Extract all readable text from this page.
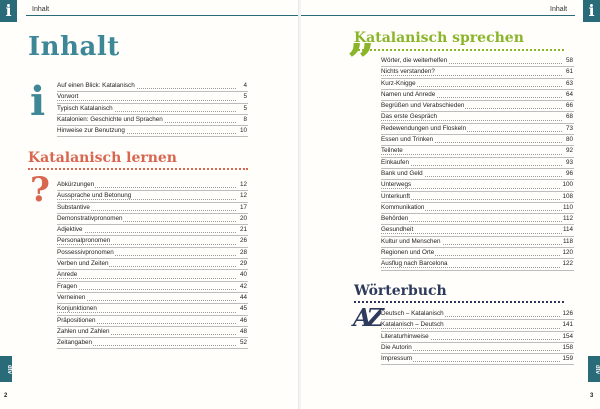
i	Inhalt
Inhalt
i Auf einen Blick: Katalanisch	4
Vorwort	5
Typisch Katalanisch	5
Katalonien: Geschichte und Sprachen	8
Hinweise zur Benutzung	10
Katalanisch lernen
? Abkürzungen	12
Aussprache und Betonung	12
Substantive	17
Demonstrativpronomen	20
Adjektive	21
Personalpronomen	26
Possessivpronomen	28
Verben und Zeiten	29
Anrede	40
Fragen	42
Verneinen	44
Konjunktionen	45
Präpositionen	46
Zahlen und Zahlen	48
Zeitangaben	52
dtv
2
Inhalt	i
Katalanisch sprechen
” Wörter, die weiterhelfen	58
Nichts verstanden?	61
Kurz-Knigge	63
Namen und Anrede	64
Begrüßen und Verabschieden	66
Das erste Gespräch	68
Redewendungen und Floskeln	73
Essen und Trinken	80
Teilnete	92
Einkaufen	93
Bank und Geld	96
Unterwegs	100
Unterkunft	108
Kommunikation	110
Behörden	112
Gesundheit	114
Kultur und Menschen	118
Regionen und Orte	120
Ausflug nach Barcelona	122
Wörterbuch
AZ Deutsch – Katalanisch	126
Katalanisch – Deutsch	141
Literaturhinweise	154
Die Autorin	158
Impressum	159
dtv
3
